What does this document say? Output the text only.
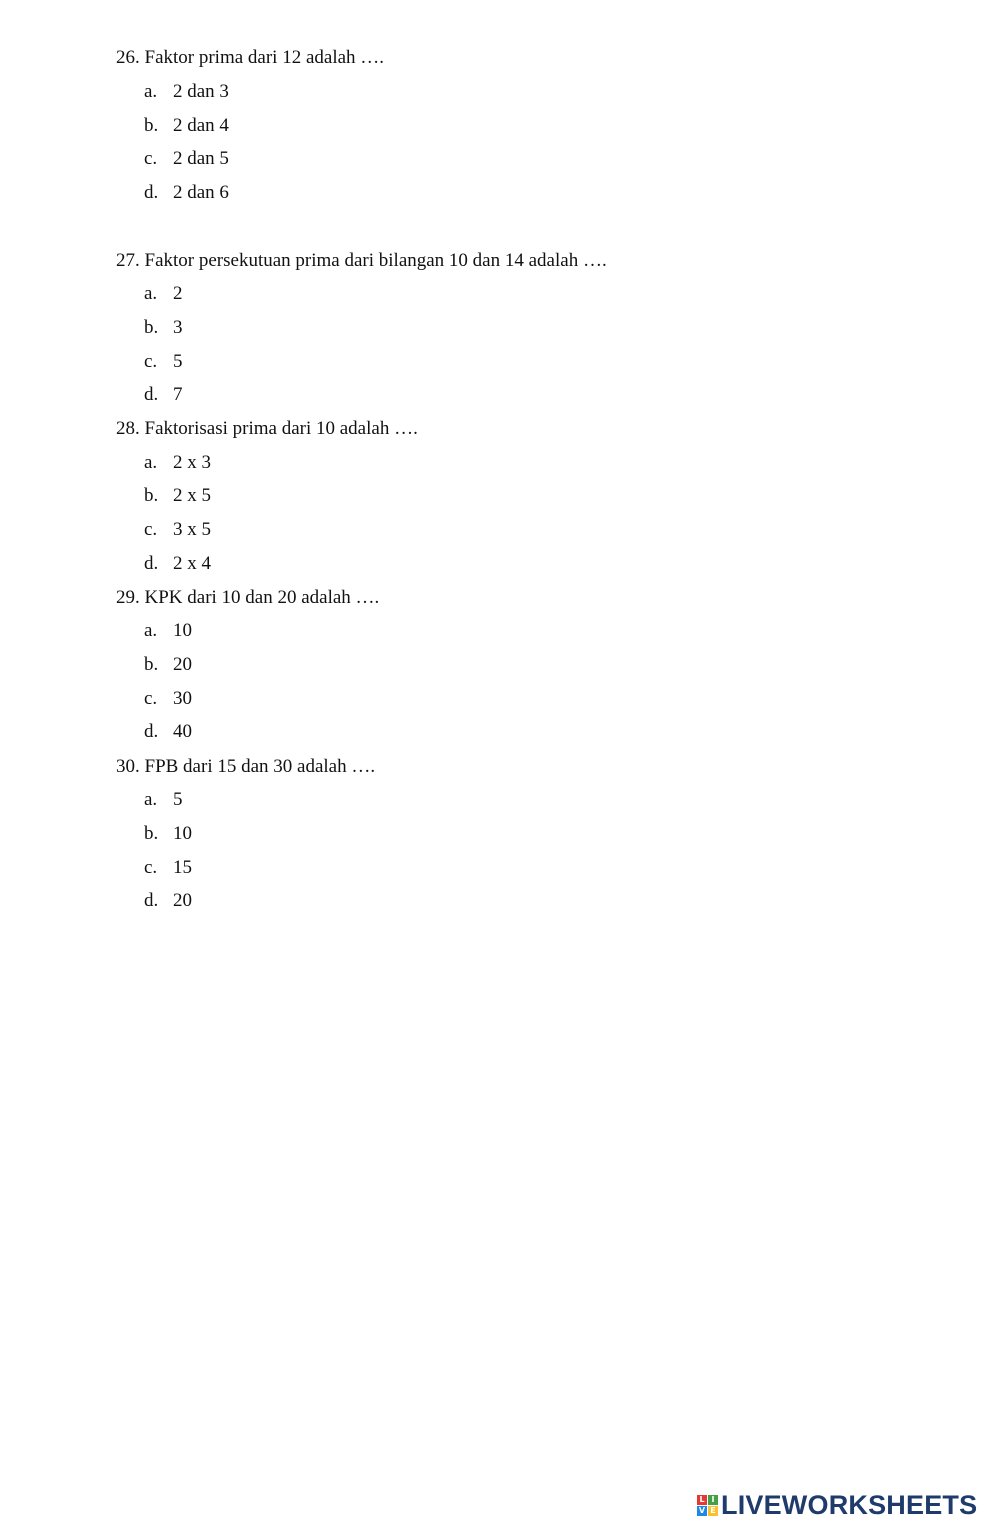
26. Faktor prima dari 12 adalah ….
a. 2 dan 3
b. 2 dan 4
c. 2 dan 5
d. 2 dan 6
27. Faktor persekutuan prima dari bilangan 10 dan 14 adalah ….
a. 2
b. 3
c. 5
d. 7
28. Faktorisasi prima dari 10 adalah ….
a. 2 x 3
b. 2 x 5
c. 3 x 5
d. 2 x 4
29. KPK dari 10 dan 20 adalah ….
a. 10
b. 20
c. 30
d. 40
30. FPB dari 15 dan 30 adalah ….
a. 5
b. 10
c. 15
d. 20
L I
V E LIVEWORKSHEETS
